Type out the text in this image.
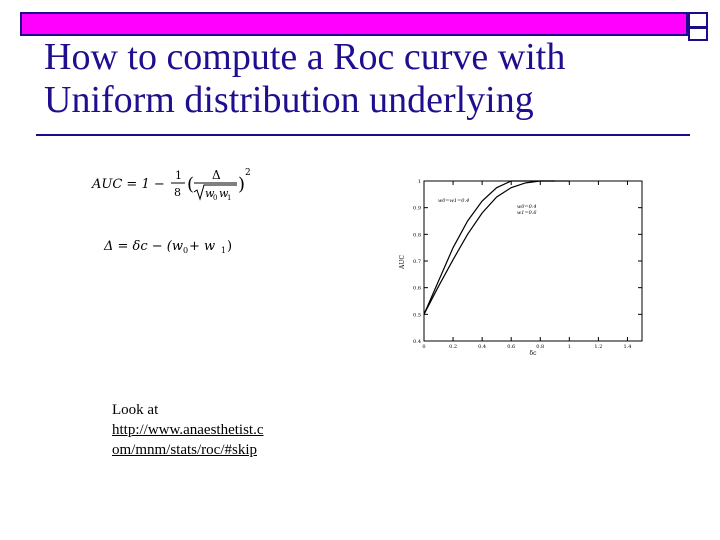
How to compute a Roc curve with
Uniform distribution underlying
AUC = 1 −
1
8 ( Δ
w
0 w
1
)
2
Δ = δc − (w 0 + w 1 )
0	0.2	0.4	0.6	0.8	1	1.2	1.4
0.4
0.5
0.6
0.7
0.8
0.9
1
δc
AUC
w0=w1=0.4
w0=0.4
w1=0.6
Look at
http://www.anaesthetist.c
om/mnm/stats/roc/#skip
